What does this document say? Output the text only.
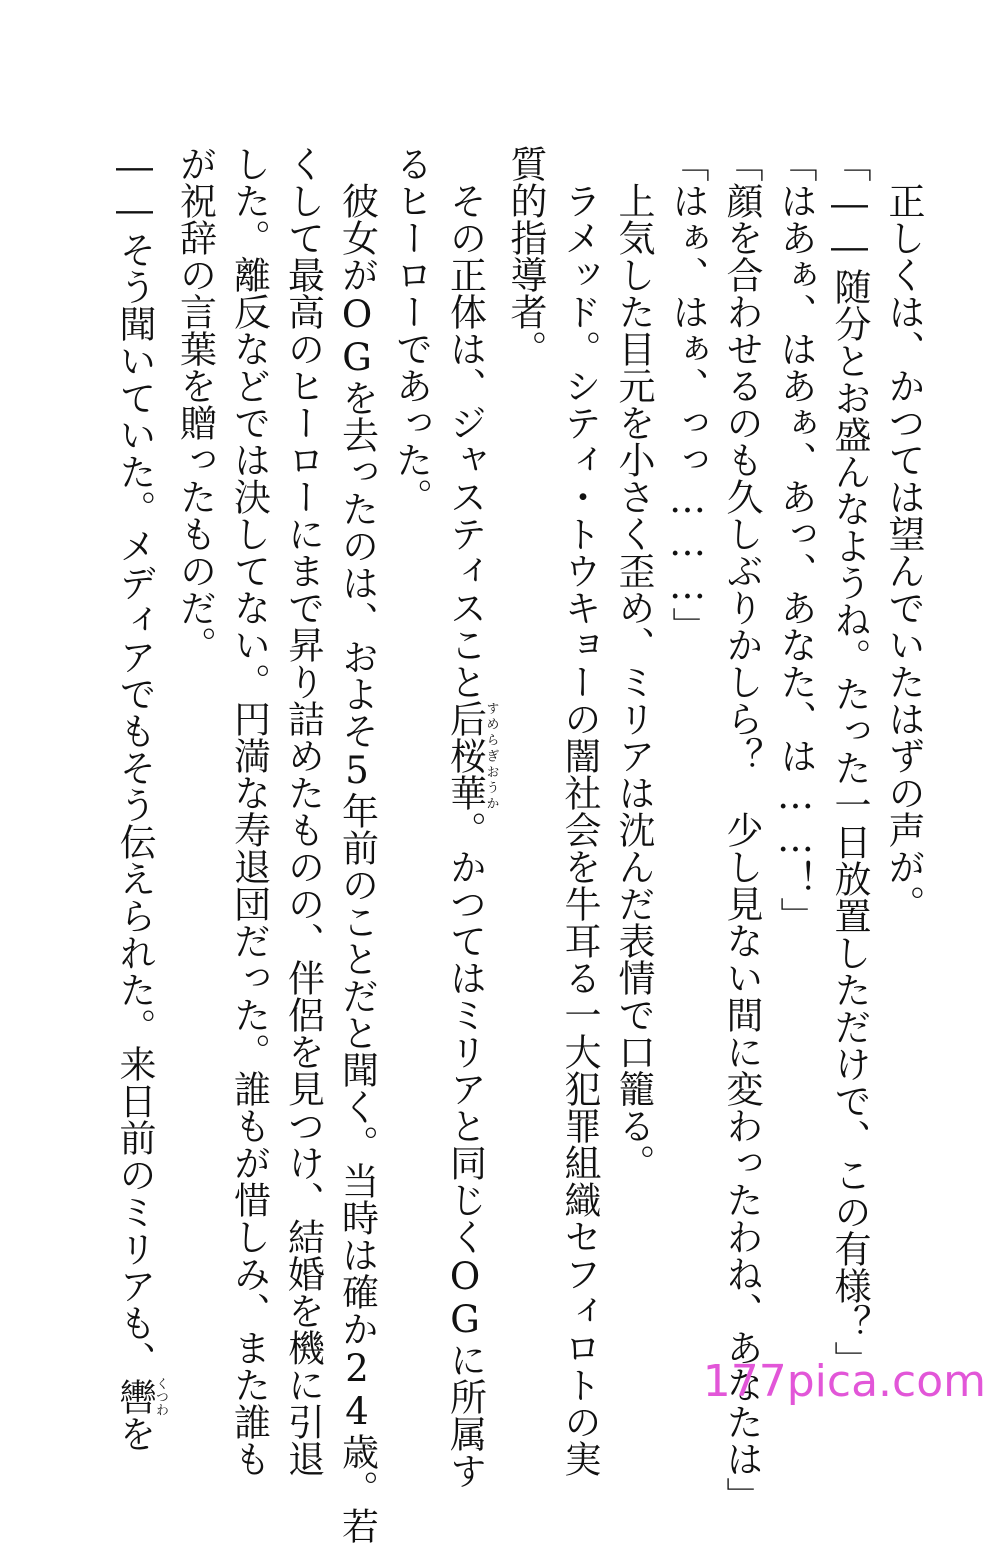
　正しくは、かつては望んでいたはずの声が。
「――随分とお盛んなようね。たった一日放置しただけで、この有様？」
「はあぁ、はあぁ、あっ、あなた、は……！」
「顔を合わせるのも久しぶりかしら？　少し見ない間に変わったわね、あなたは」
「はぁ、はぁ、っっ………」
　上気した目元を小さく歪め、ミリアは沈んだ表情で口籠る。
　ラメッド。シティ・トウキョーの闇社会を牛耳る一大犯罪組織セフィロトの実
質的指導者。
　その正体は、ジャスティスこと后桜華すめらぎおうか。かつてはミリアと同じくOGに所属す
るヒーローであった。
　彼女がOGを去ったのは、およそ5年前のことだと聞く。当時は確か24歳。若
くして最高のヒーローにまで昇り詰めたものの、伴侶を見つけ、結婚を機に引退
した。離反などでは決してない。円満な寿退団だった。誰もが惜しみ、また誰も
が祝辞の言葉を贈ったものだ。
――そう聞いていた。メディアでもそう伝えられた。来日前のミリアも、轡くつわを
177pica.com
